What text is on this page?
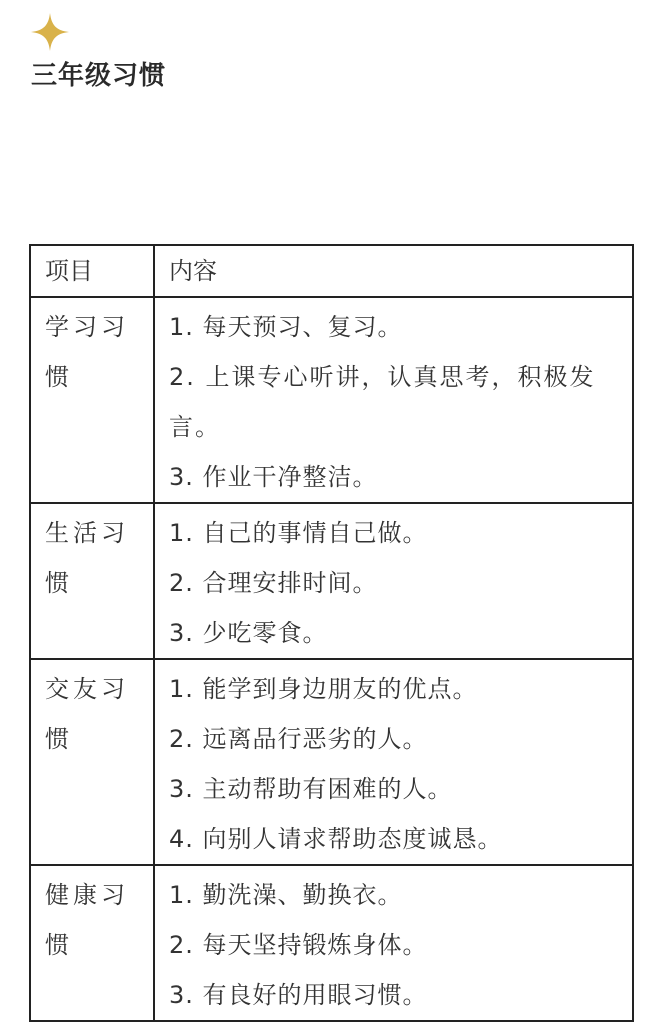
三年级习惯
项目	内容
学习习惯	1. 每天预习、复习。
2. 上课专心听讲，认真思考，积极发言。
3. 作业干净整洁。

生活习惯	1. 自己的事情自己做。
2. 合理安排时间。
3. 少吃零食。

交友习惯	1. 能学到身边朋友的优点。
2. 远离品行恶劣的人。
3. 主动帮助有困难的人。
4. 向别人请求帮助态度诚恳。

健康习惯	1. 勤洗澡、勤换衣。
2. 每天坚持锻炼身体。
3. 有良好的用眼习惯。
